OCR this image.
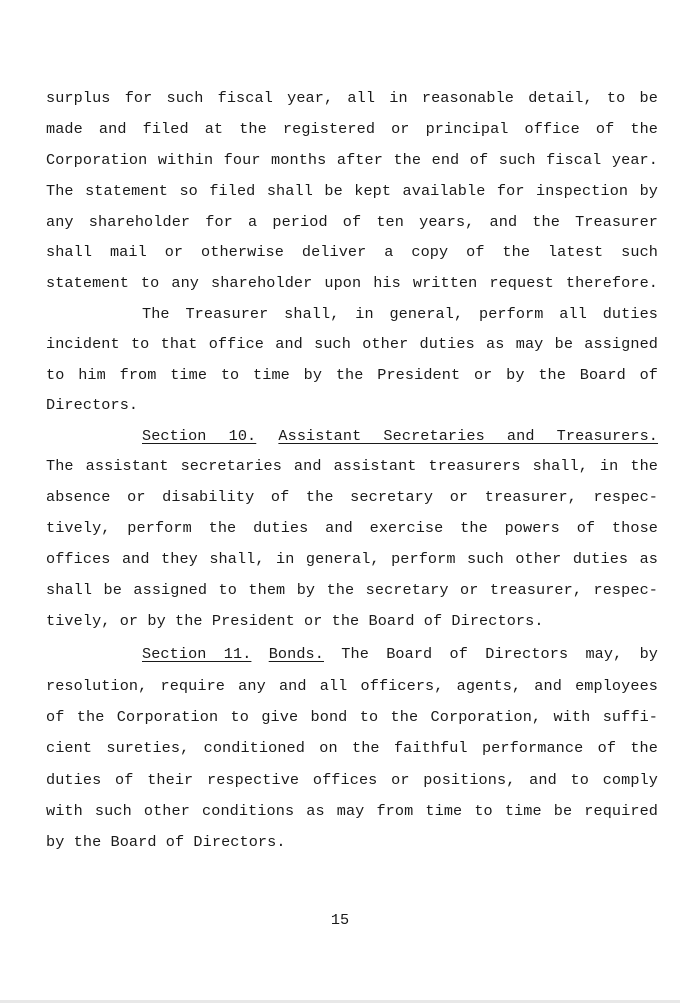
surplus for such fiscal year, all in reasonable detail, to be
made and filed at the registered or principal office of the
Corporation within four months after the end of such fiscal year.
The statement so filed shall be kept available for inspection by
any shareholder for a period of ten years, and the Treasurer
shall mail or otherwise deliver a copy of the latest such
statement to any shareholder upon his written request therefore.
The Treasurer shall, in general, perform all duties
incident to that office and such other duties as may be assigned
to him from time to time by the President or by the Board of
Directors.
Section 10. Assistant Secretaries and Treasurers.
The assistant secretaries and assistant treasurers shall, in the
absence or disability of the secretary or treasurer, respec-
tively, perform the duties and exercise the powers of those
offices and they shall, in general, perform such other duties as
shall be assigned to them by the secretary or treasurer, respec-
tively, or by the President or the Board of Directors.
Section 11. Bonds. The Board of Directors may, by
resolution, require any and all officers, agents, and employees
of the Corporation to give bond to the Corporation, with suffi-
cient sureties, conditioned on the faithful performance of the
duties of their respective offices or positions, and to comply
with such other conditions as may from time to time be required
by the Board of Directors.
15
